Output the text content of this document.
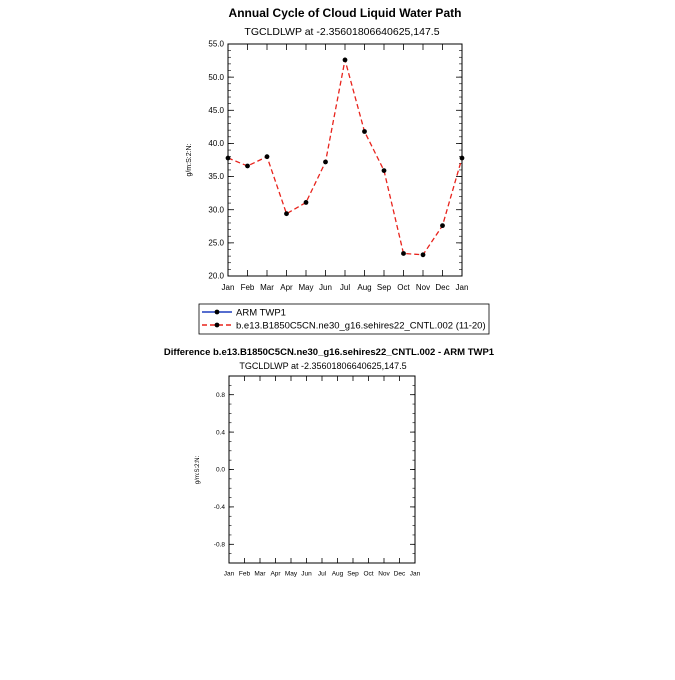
Annual Cycle of Cloud Liquid Water Path
TGCLDLWP at -2.35601806640625,147.5
20.0
25.0
30.0
35.0
40.0
45.0
50.0
55.0
Jan Feb Mar Apr May Jun Jul Aug Sep Oct Nov Dec Jan
g/m:S:2:N:
ARM TWP1
b.e13.B1850C5CN.ne30_g16.sehires22_CNTL.002 (11-20)
Difference b.e13.B1850C5CN.ne30_g16.sehires22_CNTL.002 - ARM TWP1
TGCLDLWP at -2.35601806640625,147.5
-0.8
-0.4
0.0
0.4
0.8
Jan Feb Mar Apr May Jun Jul Aug Sep Oct Nov Dec Jan
g/m:S:2:N:
